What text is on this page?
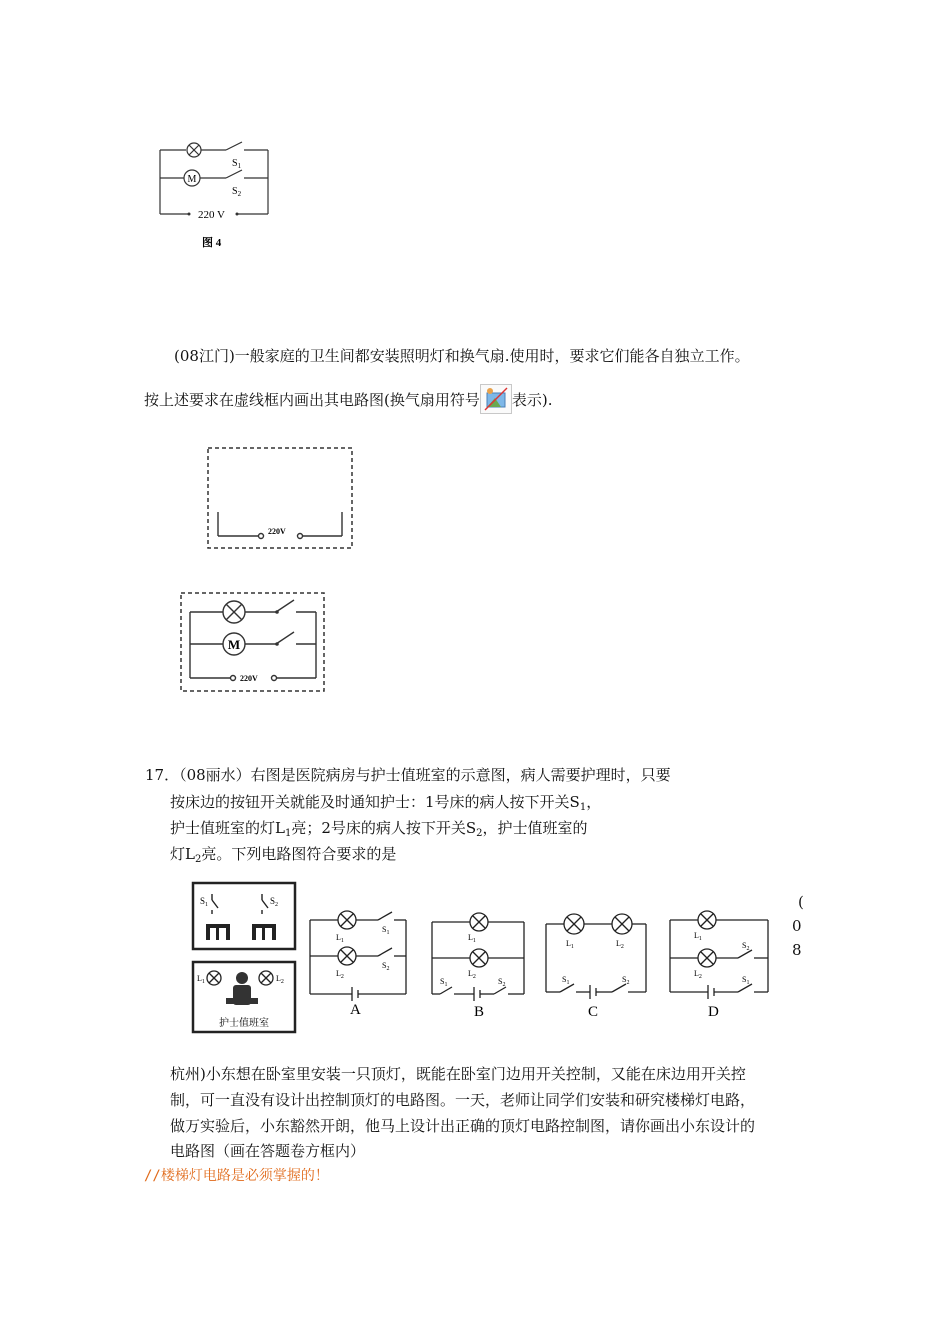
M
$S_1$
$S_2$
220 V
图 4
(08江门)一般家庭的卫生间都安装照明灯和换气扇.使用时，要求它们能各自独立工作。
按上述要求在虚线框内画出其电路图(换气扇用符号 表示).
220V
M
220V
17．（08丽水）右图是医院病房与护士值班室的示意图，病人需要护理时，只要
按床边的按钮开关就能及时通知护士：1号床的病人按下开关$S_1$，
护士值班室的灯$L_1$亮；2号床的病人按下开关$S_2$，护士值班室的
灯$L_2$亮。下列电路图符合要求的是
(
0
8
$S_1$	$S_2$
$L_1$	$L_2$
护士值班室
$L_1$
$S_1$
$L_2$
$S_2$
A
$L_1$
$L_2$
$S_1$	$S_2$
B
$L_1$	$L_2$
$S_1$	$S_2$
C
$L_1$
$L_2$
$S_2$
$S_1$
D
杭州)小东想在卧室里安装一只顶灯，既能在卧室门边用开关控制，又能在床边用开关控
制，可一直没有设计出控制顶灯的电路图。一天，老师让同学们安装和研究楼梯灯电路，
做万实验后，小东豁然开朗，他马上设计出正确的顶灯电路控制图，请你画出小东设计的
电路图（画在答题卷方框内）
//楼梯灯电路是必须掌握的！
